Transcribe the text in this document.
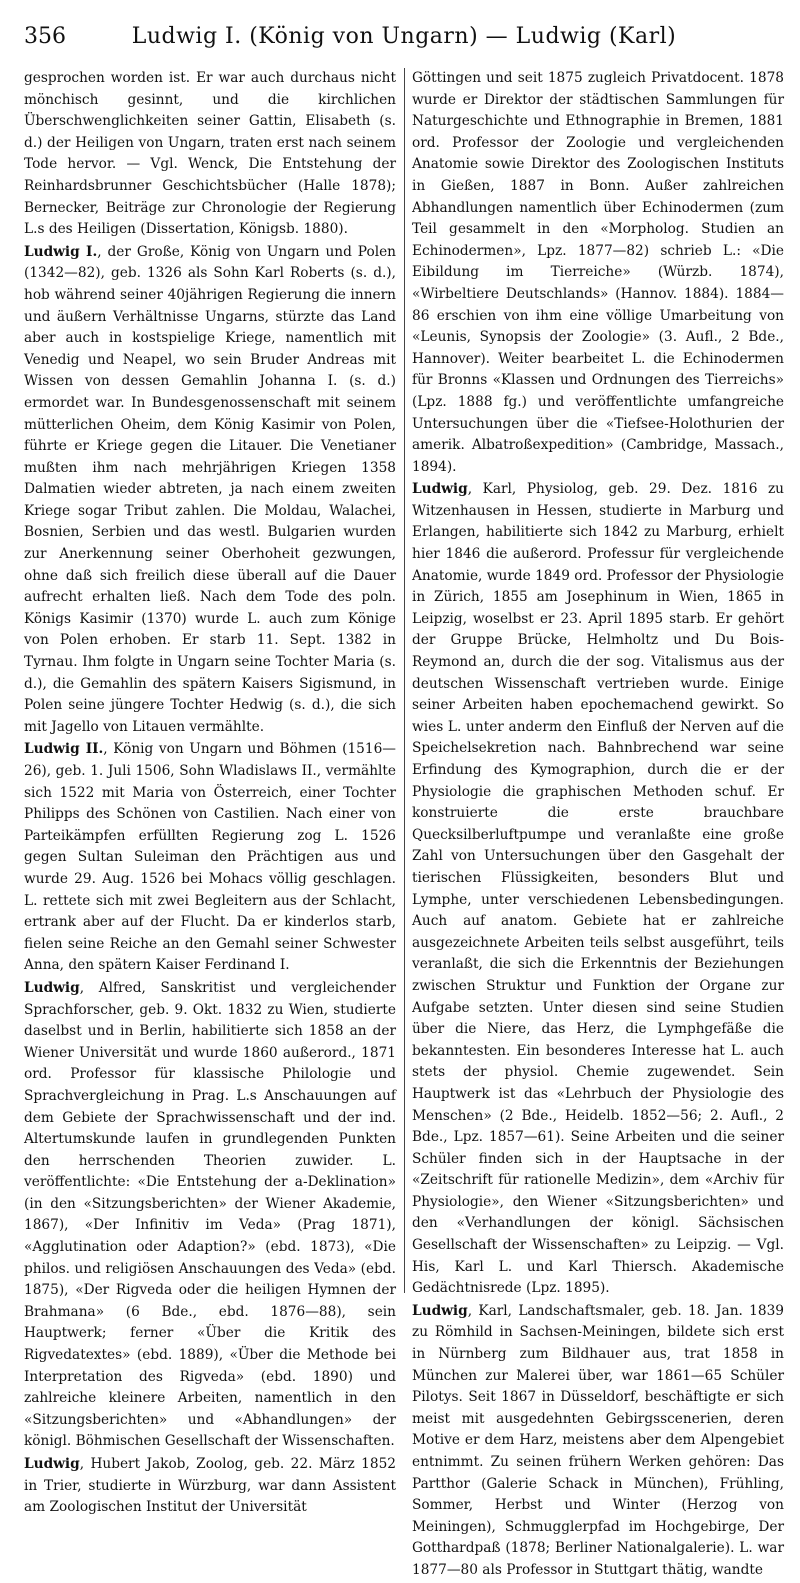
356	Ludwig I. (König von Ungarn) — Ludwig (Karl)

gesprochen worden ist. Er war auch durchaus nicht mönchisch gesinnt, und die kirchlichen Überschwenglichkeiten seiner Gattin, Elisabeth (s. d.) der Heiligen von Ungarn, traten erst nach seinem Tode hervor. — Vgl. Wenck, Die Entstehung der Reinhardsbrunner Geschichtsbücher (Halle 1878); Bernecker, Beiträge zur Chronologie der Regierung L.s des Heiligen (Dissertation, Königsb. 1880).

Ludwig I., der Große, König von Ungarn und Polen (1342—82), geb. 1326 als Sohn Karl Roberts (s. d.), hob während seiner 40jährigen Regierung die innern und äußern Verhältnisse Ungarns, stürzte das Land aber auch in kostspielige Kriege, namentlich mit Venedig und Neapel, wo sein Bruder Andreas mit Wissen von dessen Gemahlin Johanna I. (s. d.) ermordet war. In Bundesgenossenschaft mit seinem mütterlichen Oheim, dem König Kasimir von Polen, führte er Kriege gegen die Litauer. Die Venetianer mußten ihm nach mehrjährigen Kriegen 1358 Dalmatien wieder abtreten, ja nach einem zweiten Kriege sogar Tribut zahlen. Die Moldau, Walachei, Bosnien, Serbien und das westl. Bulgarien wurden zur Anerkennung seiner Oberhoheit gezwungen, ohne daß sich freilich diese überall auf die Dauer aufrecht erhalten ließ. Nach dem Tode des poln. Königs Kasimir (1370) wurde L. auch zum Könige von Polen erhoben. Er starb 11. Sept. 1382 in Tyrnau. Ihm folgte in Ungarn seine Tochter Maria (s. d.), die Gemahlin des spätern Kaisers Sigismund, in Polen seine jüngere Tochter Hedwig (s. d.), die sich mit Jagello von Litauen vermählte.

Ludwig II., König von Ungarn und Böhmen (1516—26), geb. 1. Juli 1506, Sohn Wladislaws II., vermählte sich 1522 mit Maria von Österreich, einer Tochter Philipps des Schönen von Castilien. Nach einer von Parteikämpfen erfüllten Regierung zog L. 1526 gegen Sultan Suleiman den Prächtigen aus und wurde 29. Aug. 1526 bei Mohacs völlig geschlagen. L. rettete sich mit zwei Begleitern aus der Schlacht, ertrank aber auf der Flucht. Da er kinderlos starb, fielen seine Reiche an den Gemahl seiner Schwester Anna, den spätern Kaiser Ferdinand I.

Ludwig, Alfred, Sanskritist und vergleichender Sprachforscher, geb. 9. Okt. 1832 zu Wien, studierte daselbst und in Berlin, habilitierte sich 1858 an der Wiener Universität und wurde 1860 außerord., 1871 ord. Professor für klassische Philologie und Sprachvergleichung in Prag. L.s Anschauungen auf dem Gebiete der Sprachwissenschaft und der ind. Altertumskunde laufen in grundlegenden Punkten den herrschenden Theorien zuwider. L. veröffentlichte: «Die Entstehung der a-Deklination» (in den «Sitzungsberichten» der Wiener Akademie, 1867), «Der Infinitiv im Veda» (Prag 1871), «Agglutination oder Adaption?» (ebd. 1873), «Die philos. und religiösen Anschauungen des Veda» (ebd. 1875), «Der Rigveda oder die heiligen Hymnen der Brahmana» (6 Bde., ebd. 1876—88), sein Hauptwerk; ferner «Über die Kritik des Rigvedatextes» (ebd. 1889), «Über die Methode bei Interpretation des Rigveda» (ebd. 1890) und zahlreiche kleinere Arbeiten, namentlich in den «Sitzungsberichten» und «Abhandlungen» der königl. Böhmischen Gesellschaft der Wissenschaften.

Ludwig, Hubert Jakob, Zoolog, geb. 22. März 1852 in Trier, studierte in Würzburg, war dann Assistent am Zoologischen Institut der Universität

Göttingen und seit 1875 zugleich Privatdocent. 1878 wurde er Direktor der städtischen Sammlungen für Naturgeschichte und Ethnographie in Bremen, 1881 ord. Professor der Zoologie und vergleichenden Anatomie sowie Direktor des Zoologischen Instituts in Gießen, 1887 in Bonn. Außer zahlreichen Abhandlungen namentlich über Echinodermen (zum Teil gesammelt in den «Morpholog. Studien an Echinodermen», Lpz. 1877—82) schrieb L.: «Die Eibildung im Tierreiche» (Würzb. 1874), «Wirbeltiere Deutschlands» (Hannov. 1884). 1884—86 erschien von ihm eine völlige Umarbeitung von «Leunis, Synopsis der Zoologie» (3. Aufl., 2 Bde., Hannover). Weiter bearbeitet L. die Echinodermen für Bronns «Klassen und Ordnungen des Tierreichs» (Lpz. 1888 fg.) und veröffentlichte umfangreiche Untersuchungen über die «Tiefsee-Holothurien der amerik. Albatroßexpedition» (Cambridge, Massach., 1894).

Ludwig, Karl, Physiolog, geb. 29. Dez. 1816 zu Witzenhausen in Hessen, studierte in Marburg und Erlangen, habilitierte sich 1842 zu Marburg, erhielt hier 1846 die außerord. Professur für vergleichende Anatomie, wurde 1849 ord. Professor der Physiologie in Zürich, 1855 am Josephinum in Wien, 1865 in Leipzig, woselbst er 23. April 1895 starb. Er gehört der Gruppe Brücke, Helmholtz und Du Bois-Reymond an, durch die der sog. Vitalismus aus der deutschen Wissenschaft vertrieben wurde. Einige seiner Arbeiten haben epochemachend gewirkt. So wies L. unter anderm den Einfluß der Nerven auf die Speichelsekretion nach. Bahnbrechend war seine Erfindung des Kymographion, durch die er der Physiologie die graphischen Methoden schuf. Er konstruierte die erste brauchbare Quecksilberluftpumpe und veranlaßte eine große Zahl von Untersuchungen über den Gasgehalt der tierischen Flüssigkeiten, besonders Blut und Lymphe, unter verschiedenen Lebensbedingungen. Auch auf anatom. Gebiete hat er zahlreiche ausgezeichnete Arbeiten teils selbst ausgeführt, teils veranlaßt, die sich die Erkenntnis der Beziehungen zwischen Struktur und Funktion der Organe zur Aufgabe setzten. Unter diesen sind seine Studien über die Niere, das Herz, die Lymphgefäße die bekanntesten. Ein besonderes Interesse hat L. auch stets der physiol. Chemie zugewendet. Sein Hauptwerk ist das «Lehrbuch der Physiologie des Menschen» (2 Bde., Heidelb. 1852—56; 2. Aufl., 2 Bde., Lpz. 1857—61). Seine Arbeiten und die seiner Schüler finden sich in der Hauptsache in der «Zeitschrift für rationelle Medizin», dem «Archiv für Physiologie», den Wiener «Sitzungsberichten» und den «Verhandlungen der königl. Sächsischen Gesellschaft der Wissenschaften» zu Leipzig. — Vgl. His, Karl L. und Karl Thiersch. Akademische Gedächtnisrede (Lpz. 1895).

Ludwig, Karl, Landschaftsmaler, geb. 18. Jan. 1839 zu Römhild in Sachsen-Meiningen, bildete sich erst in Nürnberg zum Bildhauer aus, trat 1858 in München zur Malerei über, war 1861—65 Schüler Pilotys. Seit 1867 in Düsseldorf, beschäftigte er sich meist mit ausgedehnten Gebirgsscenerien, deren Motive er dem Harz, meistens aber dem Alpengebiet entnimmt. Zu seinen frühern Werken gehören: Das Partthor (Galerie Schack in München), Frühling, Sommer, Herbst und Winter (Herzog von Meiningen), Schmugglerpfad im Hochgebirge, Der Gotthardpaß (1878; Berliner Nationalgalerie). L. war 1877—80 als Professor in Stuttgart thätig, wandte
